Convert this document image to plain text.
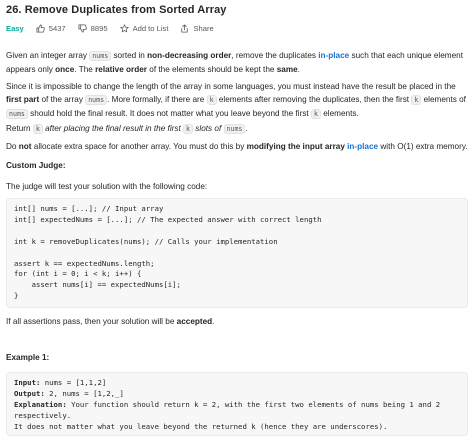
26. Remove Duplicates from Sorted Array
Easy	5437	8895	Add to List	Share

Given an integer array nums sorted in non-decreasing order, remove the duplicates in-place such that each unique element appears only once. The relative order of the elements should be kept the same.

Since it is impossible to change the length of the array in some languages, you must instead have the result be placed in the first part of the array nums . More formally, if there are k elements after removing the duplicates, then the first k elements of nums should hold the final result. It does not matter what you leave beyond the first k elements.

Return k after placing the final result in the first k slots of nums .

Do not allocate extra space for another array. You must do this by modifying the input array in-place with O(1) extra memory.

Custom Judge:

The judge will test your solution with the following code:

int[] nums = [...]; // Input array
int[] expectedNums = [...]; // The expected answer with correct length

int k = removeDuplicates(nums); // Calls your implementation

assert k == expectedNums.length;
for (int i = 0; i < k; i++) {
assert nums[i] == expectedNums[i];
}

If all assertions pass, then your solution will be accepted.

Example 1:

Input: nums = [1,1,2]
Output: 2, nums = [1,2,_]
Explanation: Your function should return k = 2, with the first two elements of nums being 1 and 2
respectively.
It does not matter what you leave beyond the returned k (hence they are underscores).
